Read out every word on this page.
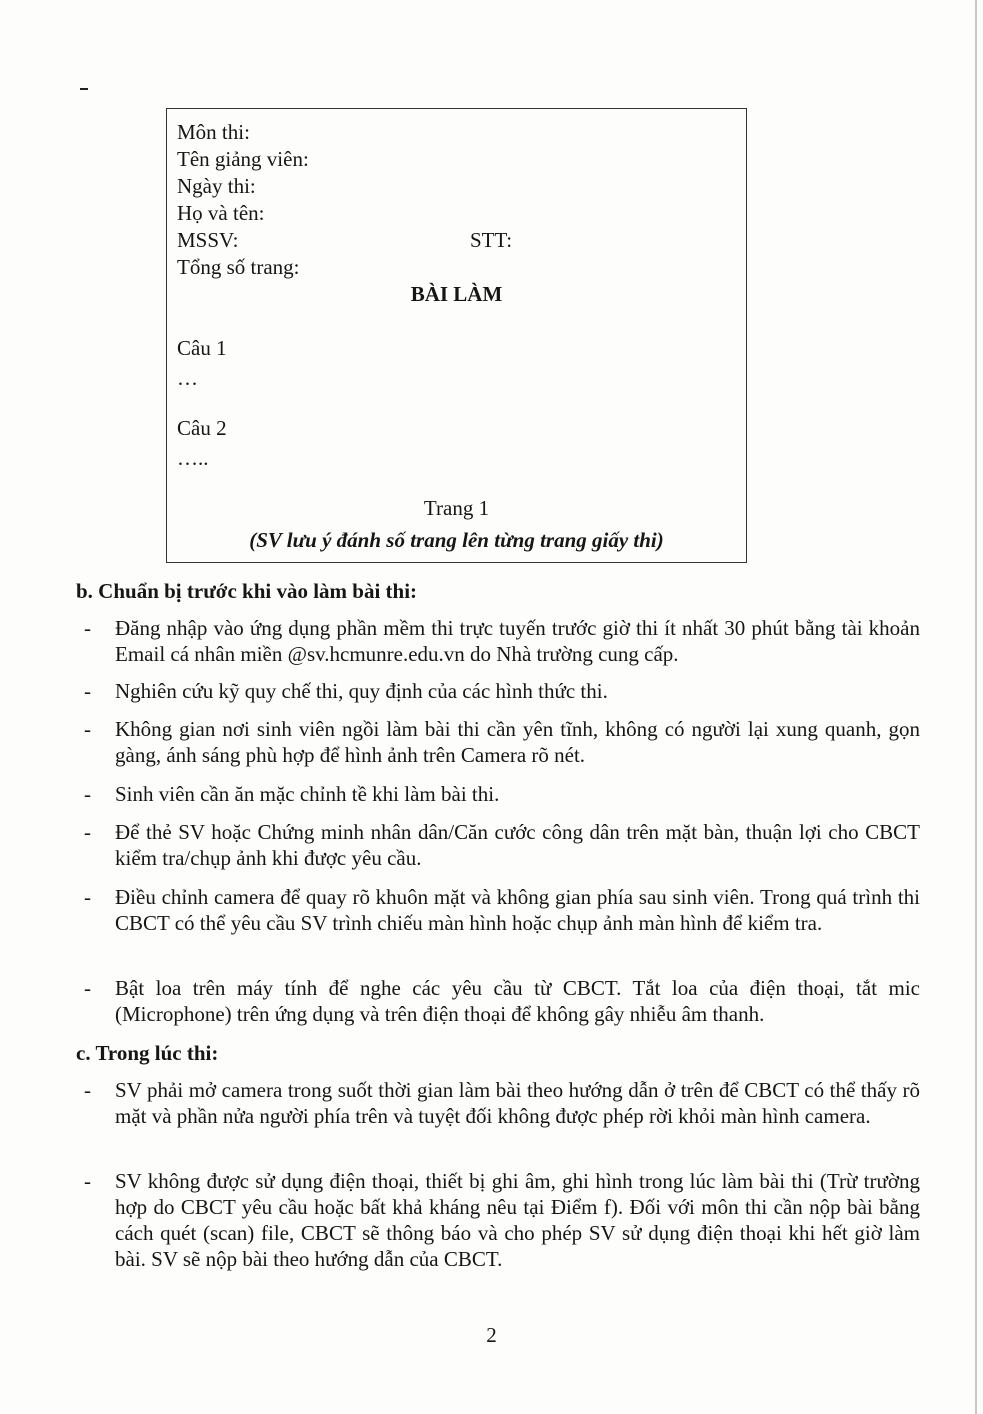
Môn thi:
Tên giảng viên:
Ngày thi:
Họ và tên:
MSSV:	STT:
Tổng số trang:
BÀI LÀM
Câu 1
…
Câu 2
…..
Trang 1
(SV lưu ý đánh số trang lên từng trang giấy thi)
b. Chuẩn bị trước khi vào làm bài thi:
- Đăng nhập vào ứng dụng phần mềm thi trực tuyến trước giờ thi ít nhất 30 phút bằng tài khoản Email cá nhân miền @sv.hcmunre.edu.vn do Nhà trường cung cấp.
- Nghiên cứu kỹ quy chế thi, quy định của các hình thức thi.
- Không gian nơi sinh viên ngồi làm bài thi cần yên tĩnh, không có người lại xung quanh, gọn gàng, ánh sáng phù hợp để hình ảnh trên Camera rõ nét.
- Sinh viên cần ăn mặc chỉnh tề khi làm bài thi.
- Để thẻ SV hoặc Chứng minh nhân dân/Căn cước công dân trên mặt bàn, thuận lợi cho CBCT kiểm tra/chụp ảnh khi được yêu cầu.
- Điều chỉnh camera để quay rõ khuôn mặt và không gian phía sau sinh viên. Trong quá trình thi CBCT có thể yêu cầu SV trình chiếu màn hình hoặc chụp ảnh màn hình để kiểm tra.
- Bật loa trên máy tính để nghe các yêu cầu từ CBCT. Tắt loa của điện thoại, tắt mic (Microphone) trên ứng dụng và trên điện thoại để không gây nhiễu âm thanh.
c. Trong lúc thi:
- SV phải mở camera trong suốt thời gian làm bài theo hướng dẫn ở trên để CBCT có thể thấy rõ mặt và phần nửa người phía trên và tuyệt đối không được phép rời khỏi màn hình camera.
- SV không được sử dụng điện thoại, thiết bị ghi âm, ghi hình trong lúc làm bài thi (Trừ trường hợp do CBCT yêu cầu hoặc bất khả kháng nêu tại Điểm f). Đối với môn thi cần nộp bài bằng cách quét (scan) file, CBCT sẽ thông báo và cho phép SV sử dụng điện thoại khi hết giờ làm bài. SV sẽ nộp bài theo hướng dẫn của CBCT.
2
